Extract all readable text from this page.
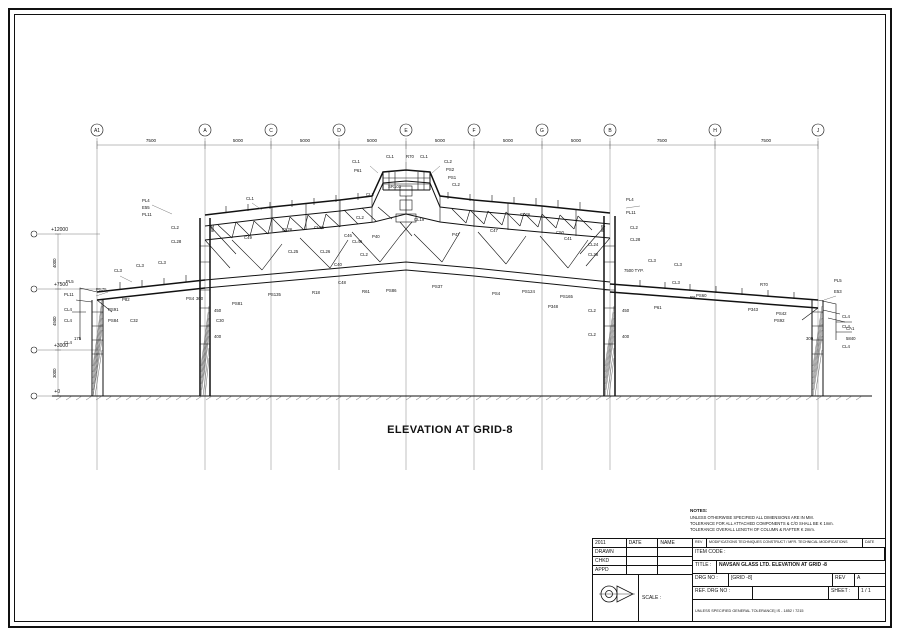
A1	A	C	D	E	F	G	B	H	J
7500	5000	5000	5000	5000	5000	5000	7500	7500
+12000
+7500
+3000
+0
4000
4500
3000
PL4
E55
PL11
CL1
CL2
CL28
CL3
CL3
CL3
PL5
PL11
CL4
CL4
CL4
PL4
PL11
CL2
CL28
CL3
CL3
PL5
E53
CL4
CL4
CL4
CA1
CL1
CL1	CL1
CL2
P61	PS2
PS1
SR101
CL2
CL2
PS75
PS91
PS84	C32
PS81
PS135	R18
C48
R61	PS86
P82	PS4
PS37
PS4	PS124
PS165
P348	P61
R6 PS60
PS42
P343
PS92
CL19
CL26	CL26
CL25	CL26
CL2
CL2
CL2
CL2
CL3
C49	C46
CL46
P40	P47
C47
CL26
CL24
CL28
C50
C30
C40
C41
300
450
400	300
175	400
450
600	800
7500 TYP.
5840
R70
R70
ELEVATION AT GRID-8
NOTES:
UNLESS OTHERWISE SPECIFIED ALL DIMENSIONS ARE IN MM.
TOLERANCE FOR ALL ATTACHED COMPONENTS & C/O SHALL BE K 1mm.
TOLERANCE OVERALL LENGTH OF COLUMN & RAFTER K 2mm.
2011	DATE	NAME
DRAWN
CHKD
APPD
SCALE :
REV	MODIFICATIONS TECHNIQUES CONSTRUCT / MFR. TECHNICAL MODIFICATIONS	DATE
ITEM CODE :
TITLE :	NAVSAN GLASS LTD. ELEVATION AT GRID -8
DRG NO :	[GRID -8]	REV	A
REF. DRG NO :	SHEET :	1 / 1
UNLESS SPECIFIED GENERAL TOLERANCE| IS - 1852 / 7215
